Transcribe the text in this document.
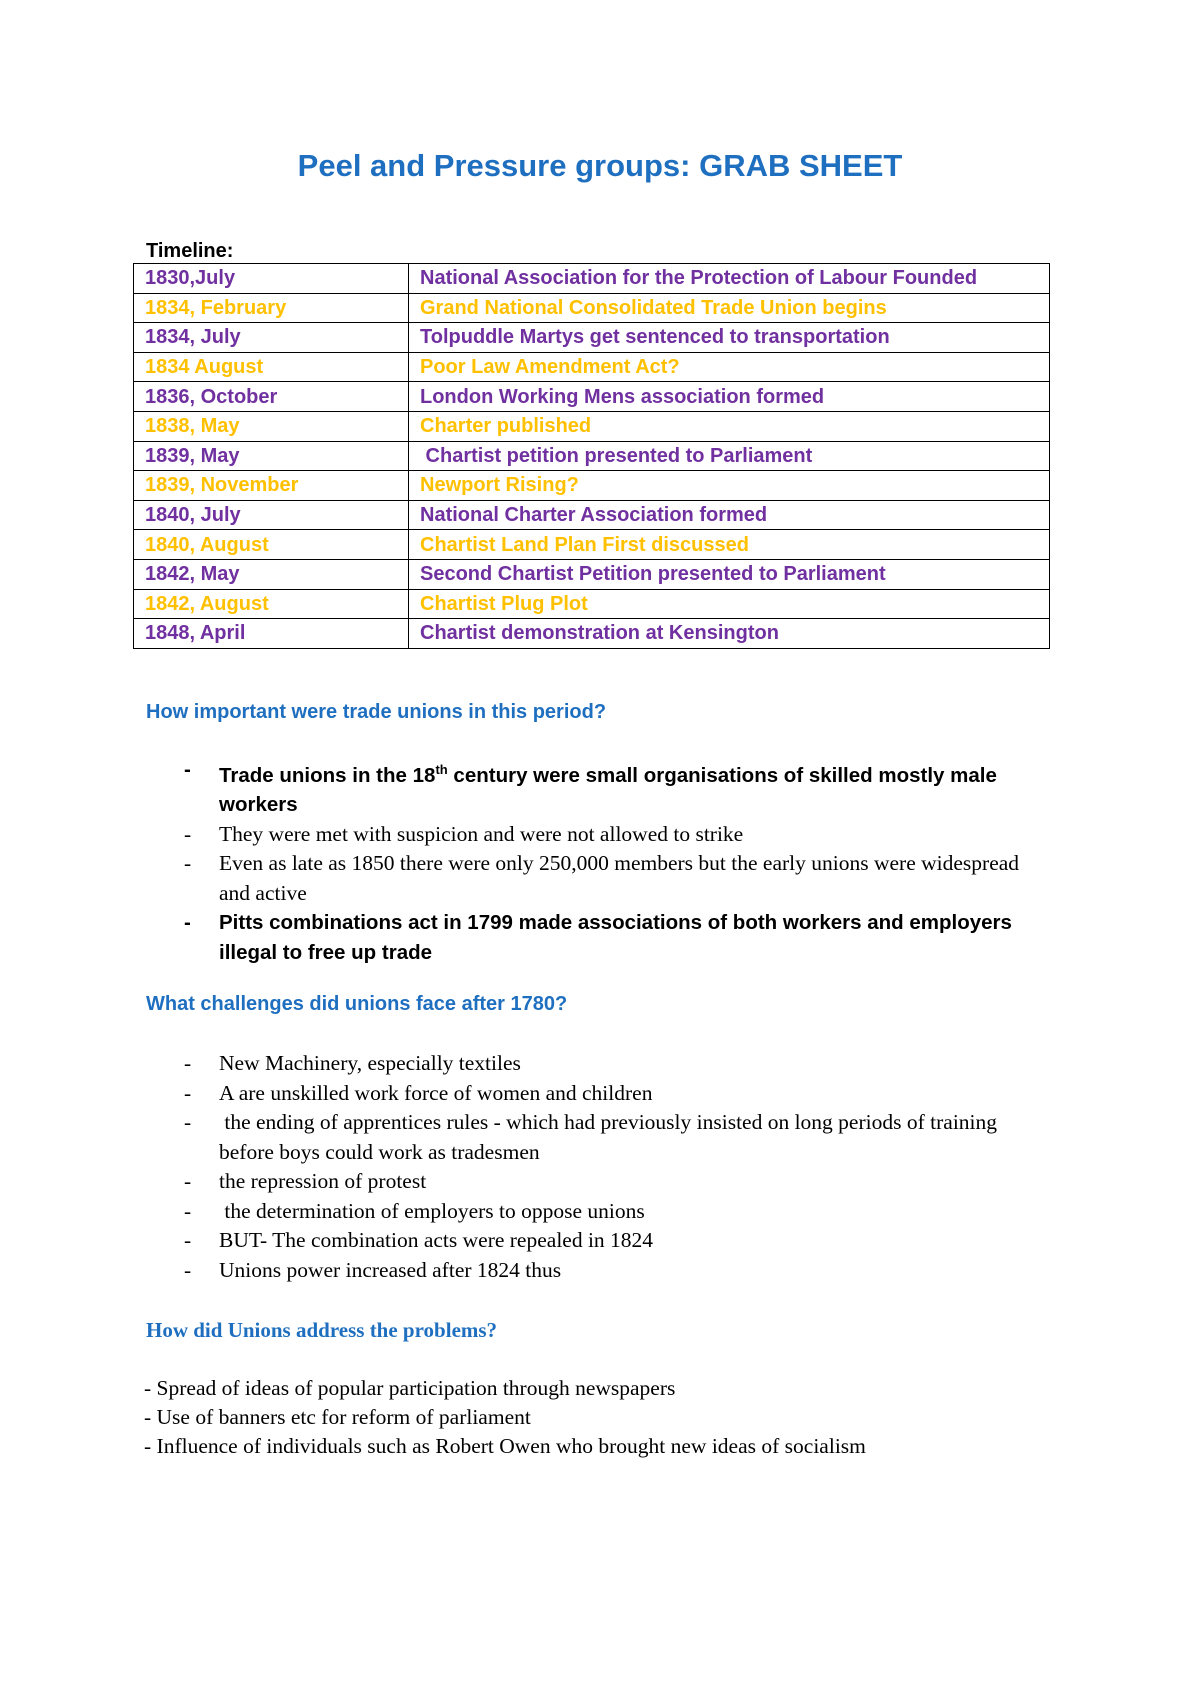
Peel and Pressure groups: GRAB SHEET
Timeline:
1830,July	National Association for the Protection of Labour Founded
1834, February	Grand National Consolidated Trade Union begins
1834, July	Tolpuddle Martys get sentenced to transportation
1834 August	Poor Law Amendment Act?
1836, October	London Working Mens association formed
1838, May	Charter published
1839, May	Chartist petition presented to Parliament
1839, November	Newport Rising?
1840, July	National Charter Association formed
1840, August	Chartist Land Plan First discussed
1842, May	Second Chartist Petition presented to Parliament
1842, August	Chartist Plug Plot
1848, April	Chartist demonstration at Kensington
How important were trade unions in this period?
- Trade unions in the 18th century were small organisations of skilled mostly male workers
- They were met with suspicion and were not allowed to strike
- Even as late as 1850 there were only 250,000 members but the early unions were widespread and active
- Pitts combinations act in 1799 made associations of both workers and employers illegal to free up trade
What challenges did unions face after 1780?
- New Machinery, especially textiles
- A are unskilled work force of women and children
- the ending of apprentices rules - which had previously insisted on long periods of training before boys could work as tradesmen
- the repression of protest
- the determination of employers to oppose unions
- BUT- The combination acts were repealed in 1824
- Unions power increased after 1824 thus
How did Unions address the problems?
- Spread of ideas of popular participation through newspapers
- Use of banners etc for reform of parliament
- Influence of individuals such as Robert Owen who brought new ideas of socialism
